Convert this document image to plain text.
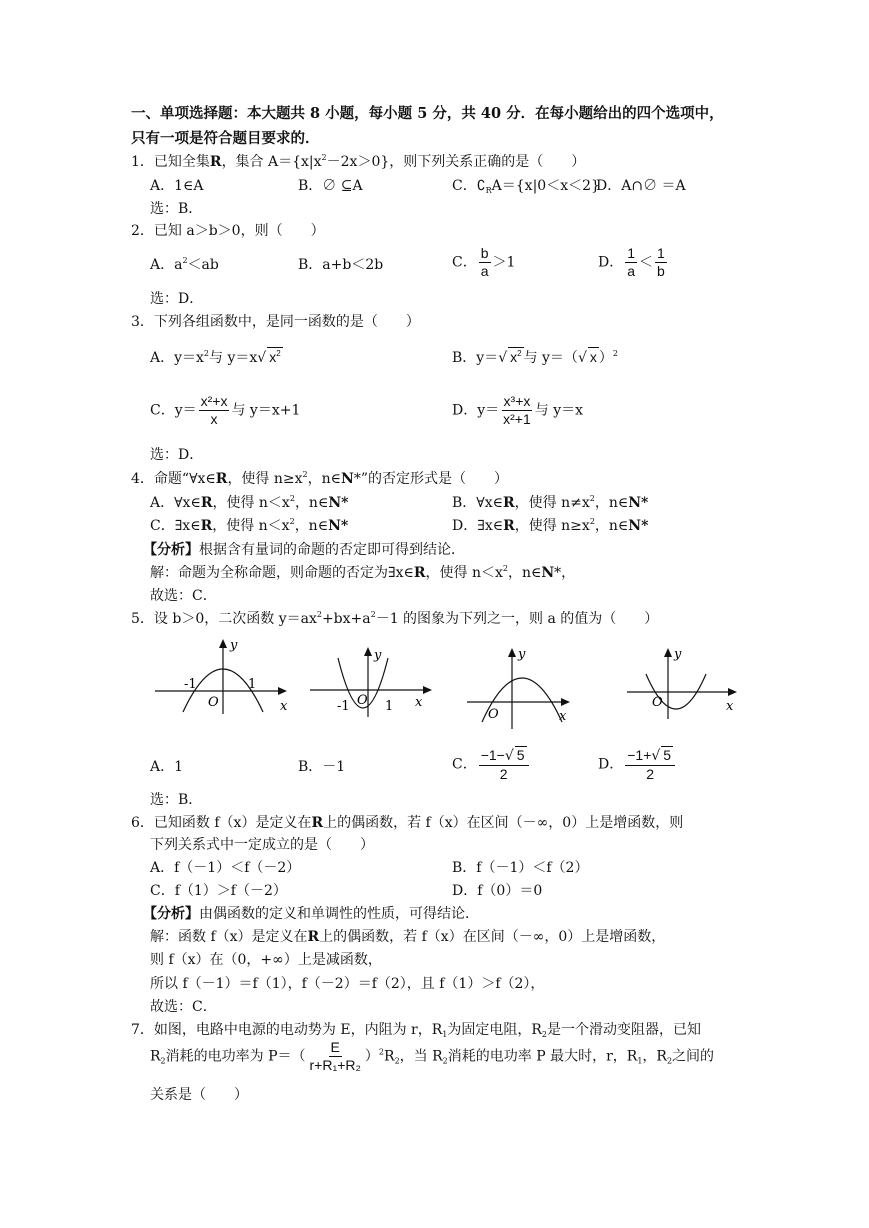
一、单项选择题：本大题共 8 小题，每小题 5 分，共 40 分．在每小题给出的四个选项中，
只有一项是符合题目要求的．
1．已知全集R，集合 $A=\{x|x^2-2x>0\}$，则下列关系正确的是（　　）
A．1∈A	B．∅ ⊆A	C．$∁_RA=\{x|0<x<2\}$
D．A∩∅ ＝A
选：B．
2．已知 a＞b＞0，则（　　）
A．$a^2<ab$	B．a+b＜2b	C． $\frac{b}{a} >1$	D． $\frac{1}{a} < \frac{1}{b}$
选：D．
3．下列各组函数中，是同一函数的是（　　）
A．$y=x^2$与 y＝x√ $x^2$	B．y＝√ $x^2$ 与 y＝（√ x ）$^2$
C．$y= \frac{\text{x²+x}}{x}$ 与 y＝x+1	D．$y= \frac{\text{x³+x}}{\text{x²+1}}$ 与 y＝x
选：D．
4．命题“∀x∈R，使得 $n\ge x^2$，n∈N*”的否定形式是（　　）
A．∀x∈R，使得 $n<x^2$，n∈N*	B．∀x∈R，使得 $n\ne x^2$，n∈N*
C．∃x∈R，使得 $n<x^2$，n∈N*	D．∃x∈R，使得 $n\ge x^2$，n∈N*
【分析】根据含有量词的命题的否定即可得到结论．
解：命题为全称命题，则命题的否定为∃x∈R，使得 $n<x^2$，n∈N*，
故选：C．
5．设 b＞0，二次函数 $y=ax^2+bx+a^2-1$ 的图象为下列之一，则 a 的值为（　　）
y
x
O
-1	1
y
x
O
-1	1
y
x
O
y
x
O
A．1	B．－1	C． $\frac{-1-√ 5}{2}$	D． $\frac{-1+√ 5}{2}$
选：B．
6．已知函数 f（x）是定义在R上的偶函数，若 f（x）在区间（－∞，0）上是增函数，则
下列关系式中一定成立的是（　　）
A．f（－1）＜f（－2）	B．f（－1）＜f（2）
C．f（1）＞f（－2）	D．f（0）＝0
【分析】由偶函数的定义和单调性的性质，可得结论．
解：函数 f（x）是定义在R上的偶函数，若 f（x）在区间（－∞，0）上是增函数，
则 f（x）在（0，+∞）上是减函数，
所以 f（－1）＝f（1），f（－2）＝f（2），且 f（1）＞f（2），
故选：C．
7．如图，电路中电源的电动势为 E，内阻为 r，$R_1$为固定电阻，$R_2$是一个滑动变阻器，已知
$R_2$消耗的电功率为 $P=( \frac{E}{\text{r+R₁+R₂}} )^2R_2$，当 $R_2$消耗的电功率 P 最大时，r，$R_1$，$R_2$之间的
关系是（　　）
